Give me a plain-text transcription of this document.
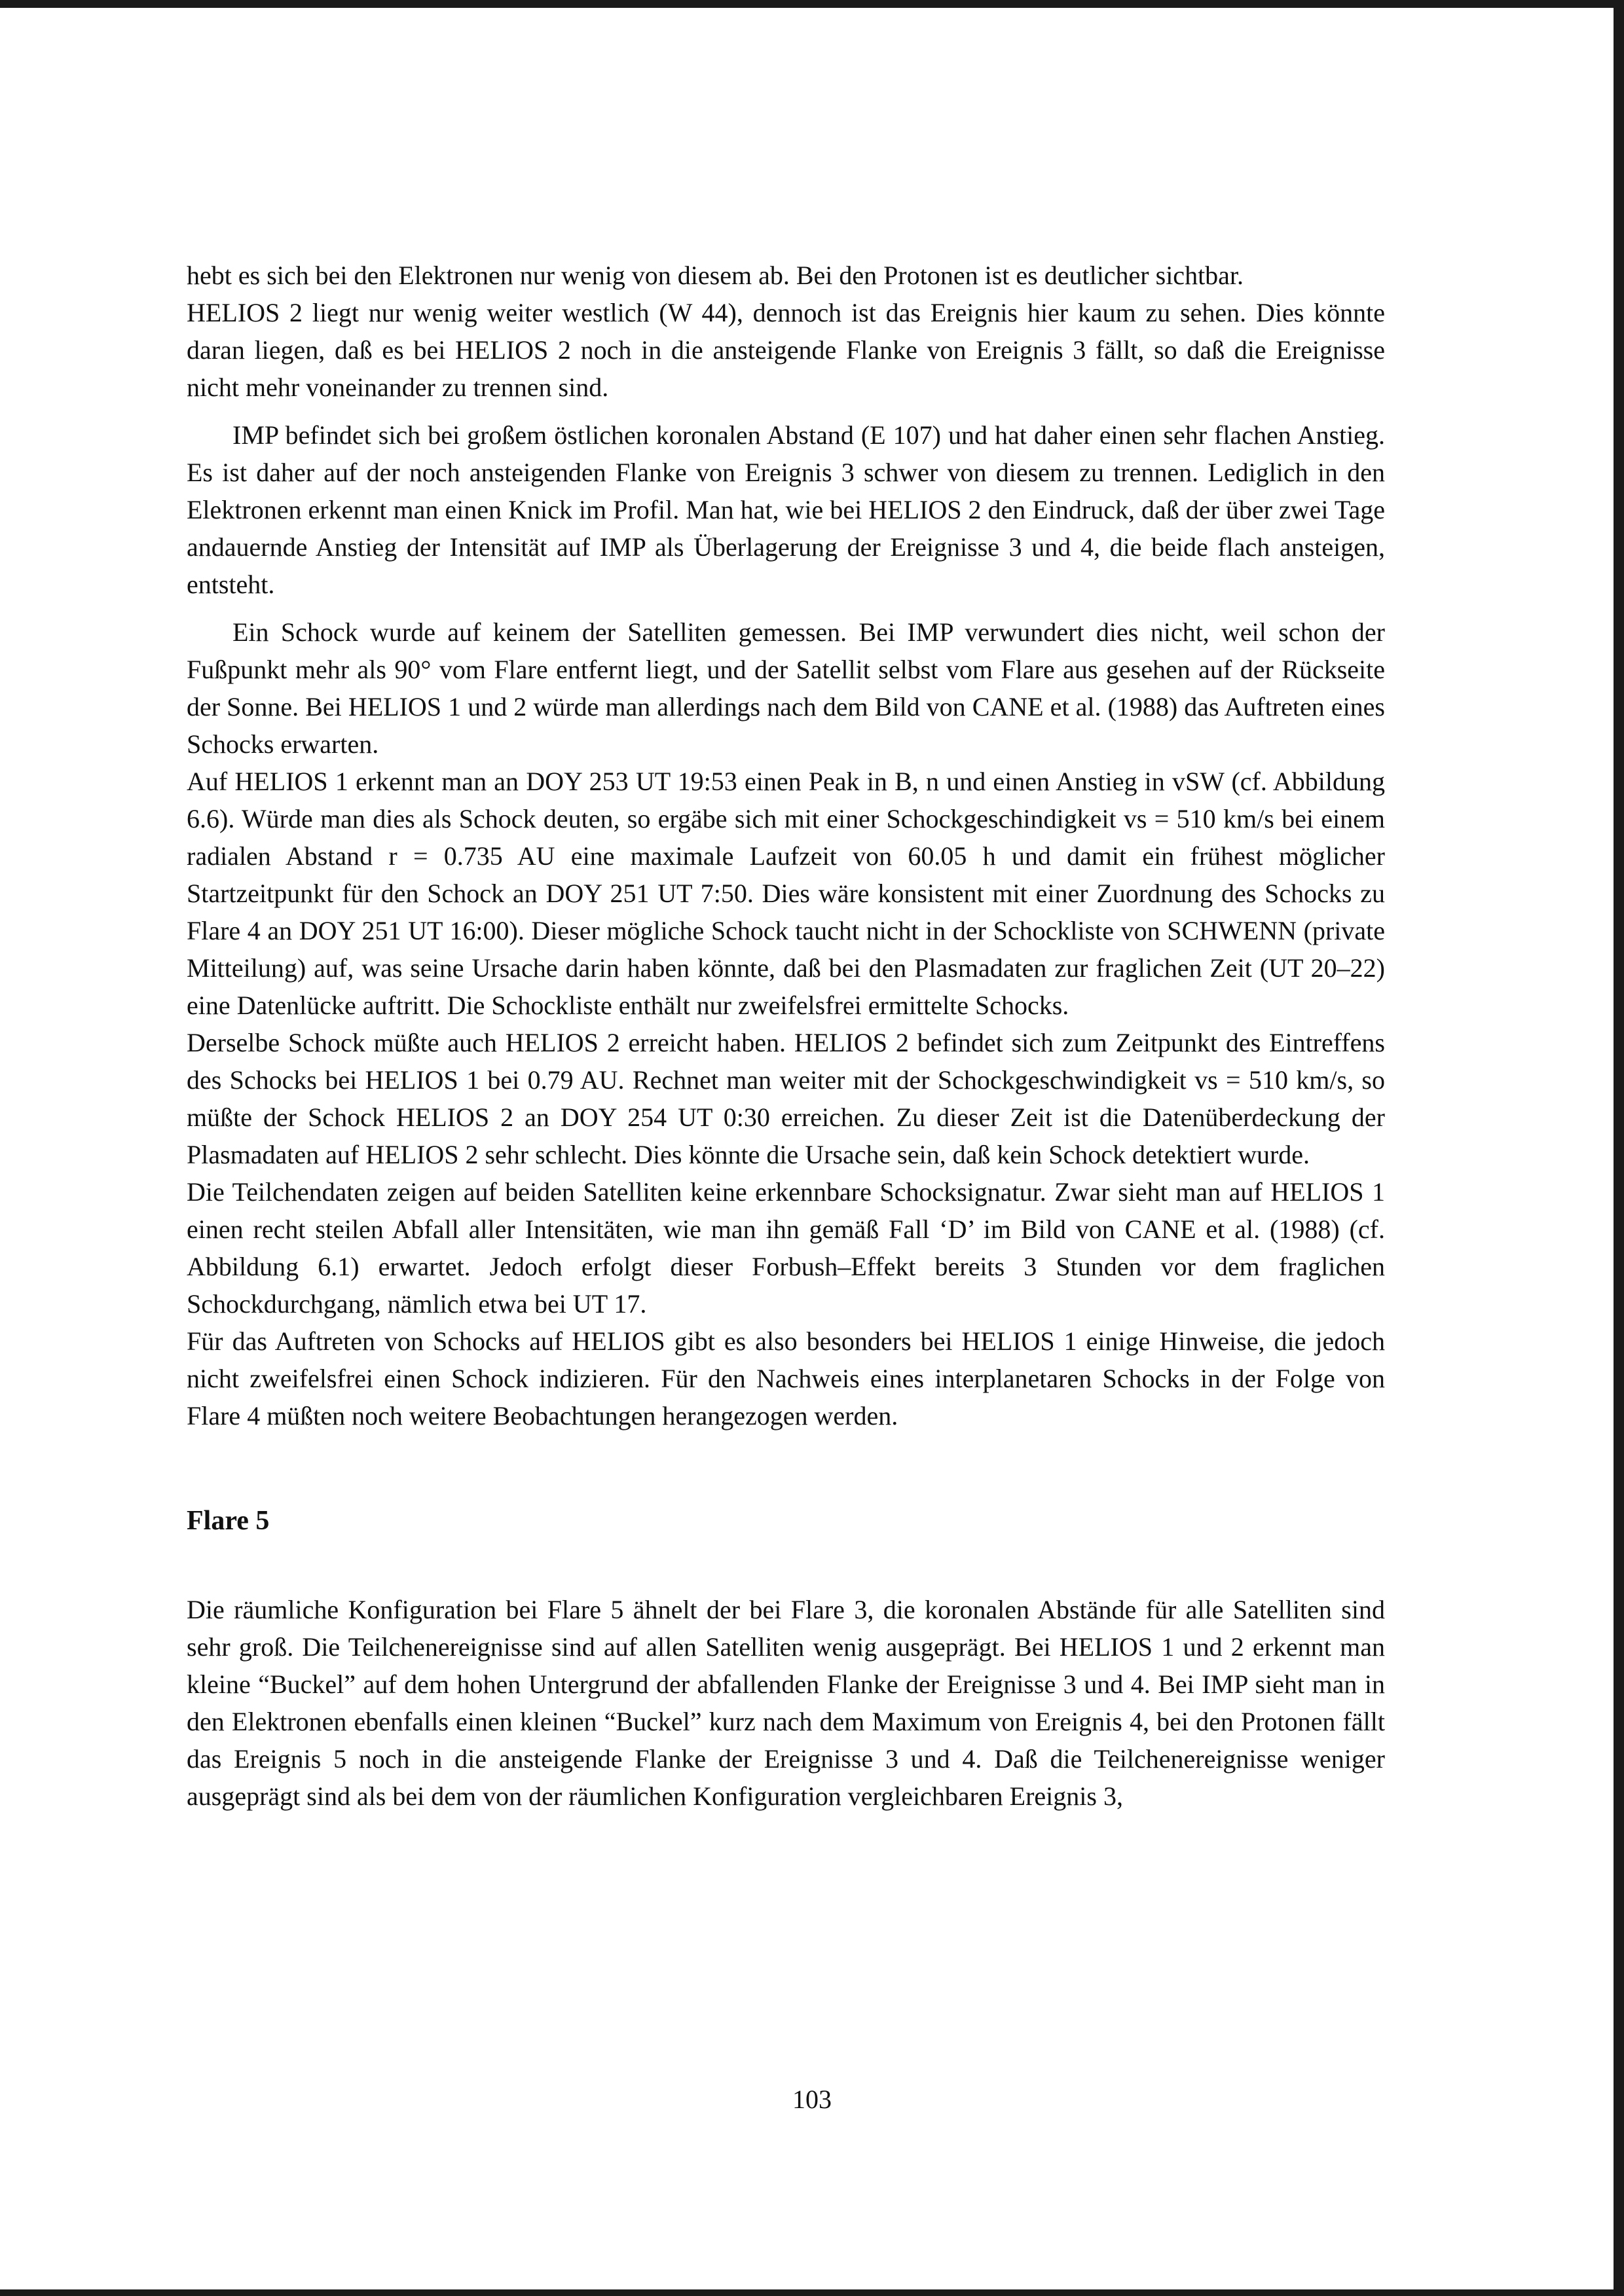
hebt es sich bei den Elektronen nur wenig von diesem ab. Bei den Protonen ist es deutlicher sichtbar.

HELIOS 2 liegt nur wenig weiter westlich (W 44), dennoch ist das Ereignis hier kaum zu sehen. Dies könnte daran liegen, daß es bei HELIOS 2 noch in die ansteigende Flanke von Ereignis 3 fällt, so daß die Ereignisse nicht mehr voneinander zu trennen sind.

IMP befindet sich bei großem östlichen koronalen Abstand (E 107) und hat daher einen sehr flachen Anstieg. Es ist daher auf der noch ansteigenden Flanke von Ereignis 3 schwer von diesem zu trennen. Lediglich in den Elektronen erkennt man einen Knick im Profil. Man hat, wie bei HELIOS 2 den Eindruck, daß der über zwei Tage andauernde Anstieg der Intensität auf IMP als Überlagerung der Ereignisse 3 und 4, die beide flach ansteigen, entsteht.

Ein Schock wurde auf keinem der Satelliten gemessen. Bei IMP verwundert dies nicht, weil schon der Fußpunkt mehr als 90° vom Flare entfernt liegt, und der Satellit selbst vom Flare aus gesehen auf der Rückseite der Sonne. Bei HELIOS 1 und 2 würde man allerdings nach dem Bild von CANE et al. (1988) das Auftreten eines Schocks erwarten.

Auf HELIOS 1 erkennt man an DOY 253 UT 19:53 einen Peak in B, n und einen Anstieg in vSW (cf. Abbildung 6.6). Würde man dies als Schock deuten, so ergäbe sich mit einer Schockgeschindigkeit vs = 510 km/s bei einem radialen Abstand r = 0.735 AU eine maximale Laufzeit von 60.05 h und damit ein frühest möglicher Startzeitpunkt für den Schock an DOY 251 UT 7:50. Dies wäre konsistent mit einer Zuordnung des Schocks zu Flare 4 an DOY 251 UT 16:00). Dieser mögliche Schock taucht nicht in der Schockliste von SCHWENN (private Mitteilung) auf, was seine Ursache darin haben könnte, daß bei den Plasmadaten zur fraglichen Zeit (UT 20–22) eine Datenlücke auftritt. Die Schockliste enthält nur zweifelsfrei ermittelte Schocks.

Derselbe Schock müßte auch HELIOS 2 erreicht haben. HELIOS 2 befindet sich zum Zeitpunkt des Eintreffens des Schocks bei HELIOS 1 bei 0.79 AU. Rechnet man weiter mit der Schockgeschwindigkeit vs = 510 km/s, so müßte der Schock HELIOS 2 an DOY 254 UT 0:30 erreichen. Zu dieser Zeit ist die Datenüberdeckung der Plasmadaten auf HELIOS 2 sehr schlecht. Dies könnte die Ursache sein, daß kein Schock detektiert wurde.

Die Teilchendaten zeigen auf beiden Satelliten keine erkennbare Schocksignatur. Zwar sieht man auf HELIOS 1 einen recht steilen Abfall aller Intensitäten, wie man ihn gemäß Fall ‘D’ im Bild von CANE et al. (1988) (cf. Abbildung 6.1) erwartet. Jedoch erfolgt dieser Forbush–Effekt bereits 3 Stunden vor dem fraglichen Schockdurchgang, nämlich etwa bei UT 17.

Für das Auftreten von Schocks auf HELIOS gibt es also besonders bei HELIOS 1 einige Hinweise, die jedoch nicht zweifelsfrei einen Schock indizieren. Für den Nachweis eines interplanetaren Schocks in der Folge von Flare 4 müßten noch weitere Beobachtungen herangezogen werden.

Flare 5

Die räumliche Konfiguration bei Flare 5 ähnelt der bei Flare 3, die koronalen Abstände für alle Satelliten sind sehr groß. Die Teilchenereignisse sind auf allen Satelliten wenig ausgeprägt. Bei HELIOS 1 und 2 erkennt man kleine “Buckel” auf dem hohen Untergrund der abfallenden Flanke der Ereignisse 3 und 4. Bei IMP sieht man in den Elektronen ebenfalls einen kleinen “Buckel” kurz nach dem Maximum von Ereignis 4, bei den Protonen fällt das Ereignis 5 noch in die ansteigende Flanke der Ereignisse 3 und 4. Daß die Teilchenereignisse weniger ausgeprägt sind als bei dem von der räumlichen Konfiguration vergleichbaren Ereignis 3,

103
